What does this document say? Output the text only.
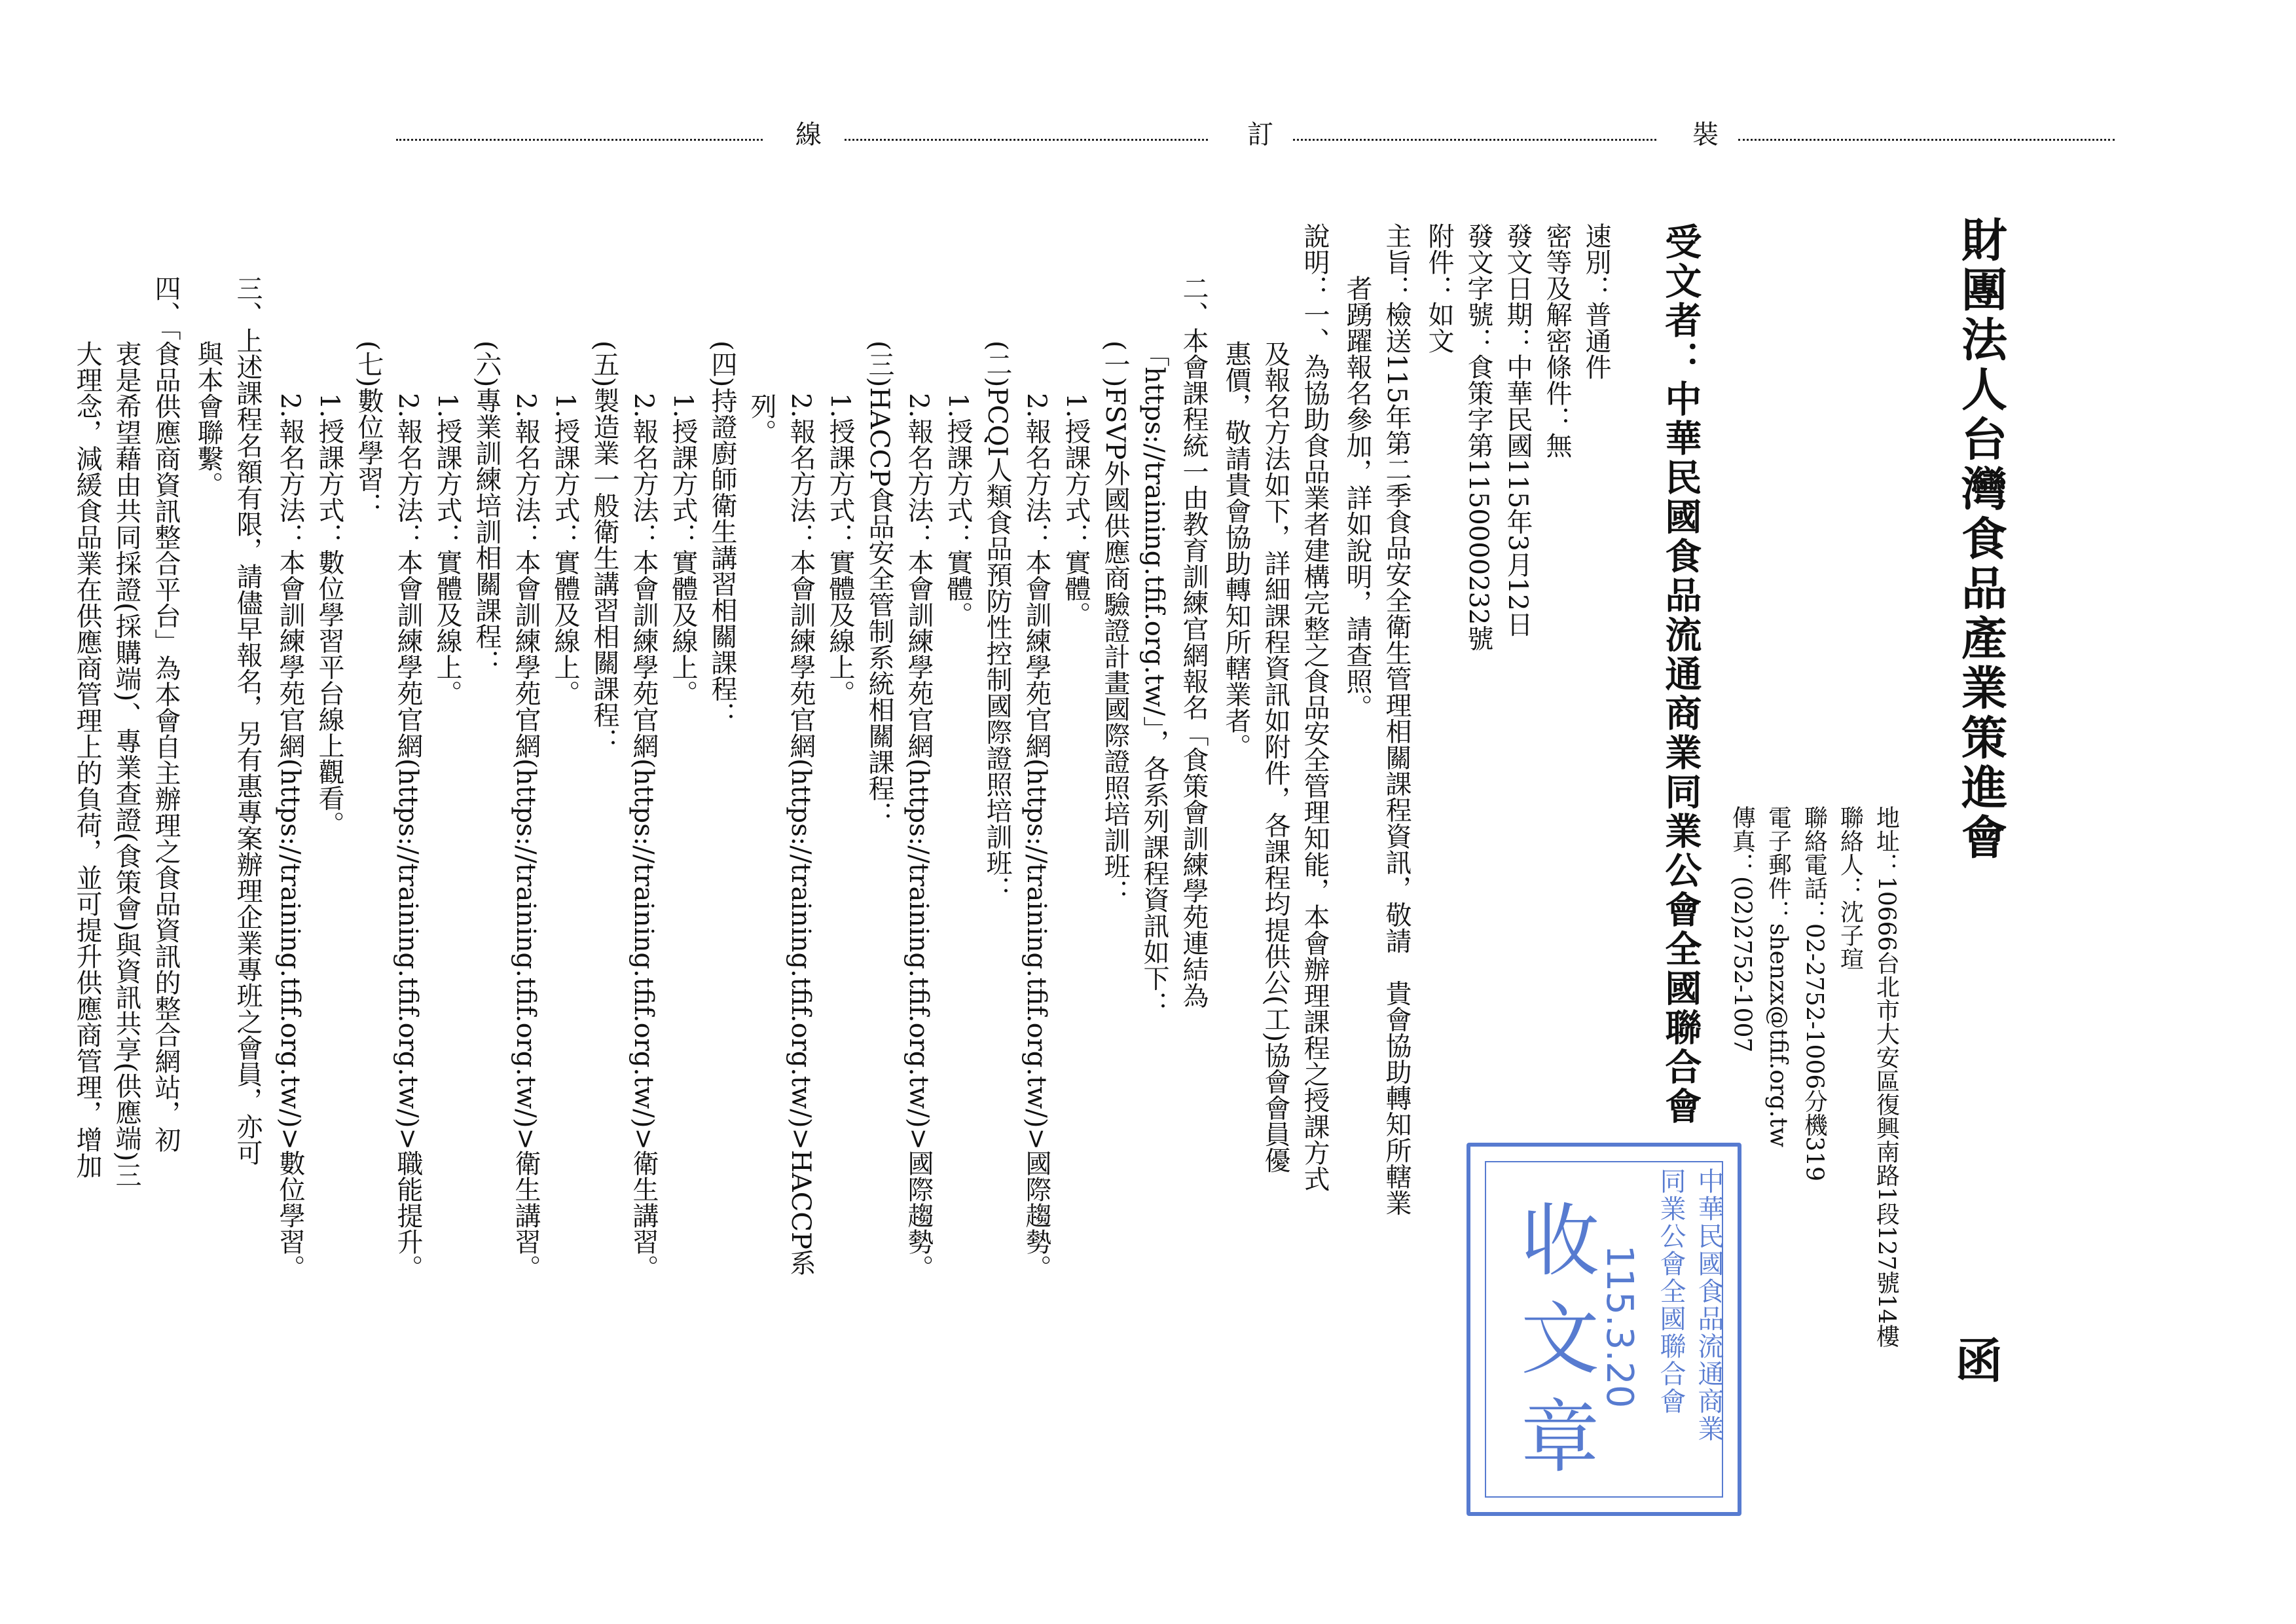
線	訂	裝
函
財團法人台灣食品產業策進會
地址：10666台北市大安區復興南路1段127號14樓
聯絡人：沈子瑄
聯絡電話：02-2752-1006分機319
電子郵件：shenzx@tfif.org.tw
傳真：(02)2752-1007
受文者：中華民國食品流通商業同業公會全國聯合會
速別：普通件
密等及解密條件：無
發文日期：中華民國115年3月12日
發文字號：食策字第1150000232號
附件：如文
主旨：檢送115年第二季食品安全衛生管理相關課程資訊，敬請　貴會協助轉知所轄業
者踴躍報名參加，詳如說明，請查照。
說明：一、為協助食品業者建構完整之食品安全管理知能，本會辦理課程之授課方式
及報名方法如下，詳細課程資訊如附件，各課程均提供公(工)協會會員優
惠價，敬請貴會協助轉知所轄業者。
二、本會課程統一由教育訓練官網報名「食策會訓練學苑連結為
「https://training.tfif.org.tw/」，各系列課程資訊如下：
(一)FSVP外國供應商驗證計畫國際證照培訓班：
1.授課方式：實體。
2.報名方法：本會訓練學苑官網(https://training.tfif.org.tw/)>國際趨勢。
(二)PCQI人類食品預防性控制國際證照培訓班：
1.授課方式：實體。
2.報名方法：本會訓練學苑官網(https://training.tfif.org.tw/)>國際趨勢。
(三)HACCP食品安全管制系統相關課程：
1.授課方式：實體及線上。
2.報名方法：本會訓練學苑官網(https://training.tfif.org.tw/)>HACCP系
列。
(四)持證廚師衛生講習相關課程：
1.授課方式：實體及線上。
2.報名方法：本會訓練學苑官網(https://training.tfif.org.tw/)>衛生講習。
(五)製造業一般衛生講習相關課程：
1.授課方式：實體及線上。
2.報名方法：本會訓練學苑官網(https://training.tfif.org.tw/)>衛生講習。
(六)專業訓練培訓相關課程：
1.授課方式：實體及線上。
2.報名方法：本會訓練學苑官網(https://training.tfif.org.tw/)>職能提升。
(七)數位學習：
1.授課方式：數位學習平台線上觀看。
2.報名方法：本會訓練學苑官網(https://training.tfif.org.tw/)>數位學習。
三、上述課程名額有限，請儘早報名，另有惠專案辦理企業專班之會員，亦可
與本會聯繫。
四、「食品供應商資訊整合平台」為本會自主辦理之食品資訊的整合網站，初
衷是希望藉由共同採證(採購端)、專業查證(食策會)與資訊共享(供應端)三
大理念，減緩食品業在供應商管理上的負荷，並可提升供應商管理，增加
中華民國食品流通商業
同業公會全國聯合會
115.3.20
收文章
